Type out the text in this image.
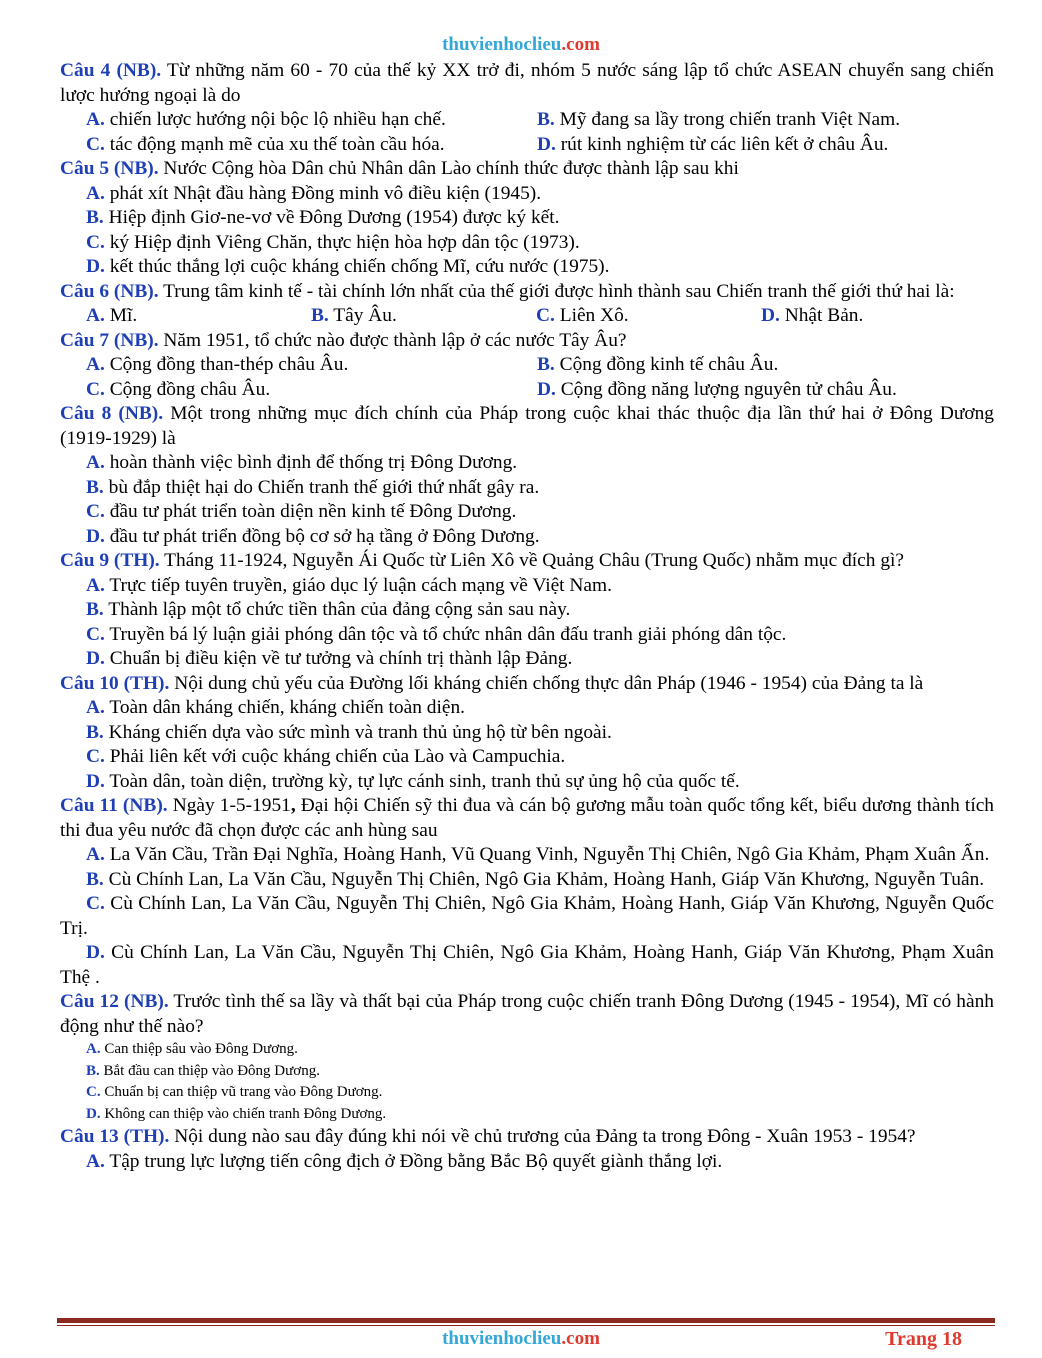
thuvienhoclieu.com
Câu 4 (NB). Từ những năm 60 - 70 của thế kỷ XX trở đi, nhóm 5 nước sáng lập tổ chức ASEAN chuyển sang chiến lược hướng ngoại là do
A. chiến lược hướng nội bộc lộ nhiều hạn chế.	B. Mỹ đang sa lầy trong chiến tranh Việt Nam.
C. tác động mạnh mẽ của xu thế toàn cầu hóa.	D. rút kinh nghiệm từ các liên kết ở châu Âu.
Câu 5 (NB). Nước Cộng hòa Dân chủ Nhân dân Lào chính thức được thành lập sau khi
A. phát xít Nhật đầu hàng Đồng minh vô điều kiện (1945).
B. Hiệp định Giơ-ne-vơ về Đông Dương (1954) được ký kết.
C. ký Hiệp định Viêng Chăn, thực hiện hòa hợp dân tộc (1973).
D. kết thúc thắng lợi cuộc kháng chiến chống Mĩ, cứu nước (1975).
Câu 6 (NB). Trung tâm kinh tế - tài chính lớn nhất của thế giới được hình thành sau Chiến tranh thế giới thứ hai là:
A. Mĩ.	B. Tây Âu.	C. Liên Xô.	D. Nhật Bản.
Câu 7 (NB). Năm 1951, tổ chức nào được thành lập ở các nước Tây Âu?
A. Cộng đồng than-thép châu Âu.	B. Cộng đồng kinh tế châu Âu.
C. Cộng đồng châu Âu.	D. Cộng đồng năng lượng nguyên tử châu Âu.
Câu 8 (NB). Một trong những mục đích chính của Pháp trong cuộc khai thác thuộc địa lần thứ hai ở Đông Dương (1919-1929) là
A. hoàn thành việc bình định để thống trị Đông Dương.
B. bù đắp thiệt hại do Chiến tranh thế giới thứ nhất gây ra.
C. đầu tư phát triển toàn diện nền kinh tế Đông Dương.
D. đầu tư phát triển đồng bộ cơ sở hạ tầng ở Đông Dương.
Câu 9 (TH). Tháng 11-1924, Nguyễn Ái Quốc từ Liên Xô về Quảng Châu (Trung Quốc) nhằm mục đích gì?
A. Trực tiếp tuyên truyền, giáo dục lý luận cách mạng về Việt Nam.
B. Thành lập một tổ chức tiền thân của đảng cộng sản sau này.
C. Truyền bá lý luận giải phóng dân tộc và tổ chức nhân dân đấu tranh giải phóng dân tộc.
D. Chuẩn bị điều kiện về tư tưởng và chính trị thành lập Đảng.
Câu 10 (TH). Nội dung chủ yếu của Đường lối kháng chiến chống thực dân Pháp (1946 - 1954) của Đảng ta là
A. Toàn dân kháng chiến, kháng chiến toàn diện.
B. Kháng chiến dựa vào sức mình và tranh thủ ủng hộ từ bên ngoài.
C. Phải liên kết với cuộc kháng chiến của Lào và Campuchia.
D. Toàn dân, toàn diện, trường kỳ, tự lực cánh sinh, tranh thủ sự ủng hộ của quốc tế.
Câu 11 (NB). Ngày 1-5-1951, Đại hội Chiến sỹ thi đua và cán bộ gương mẫu toàn quốc tổng kết, biểu dương thành tích thi đua yêu nước đã chọn được các anh hùng sau
A. La Văn Cầu, Trần Đại Nghĩa, Hoàng Hanh, Vũ Quang Vinh, Nguyễn Thị Chiên, Ngô Gia Khảm, Phạm Xuân Ẩn.
B. Cù Chính Lan, La Văn Cầu, Nguyễn Thị Chiên, Ngô Gia Khảm, Hoàng Hanh, Giáp Văn Khương, Nguyễn Tuân.
C. Cù Chính Lan, La Văn Cầu, Nguyễn Thị Chiên, Ngô Gia Khảm, Hoàng Hanh, Giáp Văn Khương, Nguyễn Quốc Trị.
D. Cù Chính Lan, La Văn Cầu, Nguyễn Thị Chiên, Ngô Gia Khảm, Hoàng Hanh, Giáp Văn Khương, Phạm Xuân Thệ .
Câu 12 (NB). Trước tình thế sa lầy và thất bại của Pháp trong cuộc chiến tranh Đông Dương (1945 - 1954), Mĩ có hành động như thế nào?
A. Can thiệp sâu vào Đông Dương.
B. Bắt đầu can thiệp vào Đông Dương.
C. Chuẩn bị can thiệp vũ trang vào Đông Dương.
D. Không can thiệp vào chiến tranh Đông Dương.
Câu 13 (TH). Nội dung nào sau đây đúng khi nói về chủ trương của Đảng ta trong Đông - Xuân 1953 - 1954?
A. Tập trung lực lượng tiến công địch ở Đồng bằng Bắc Bộ quyết giành thắng lợi.
thuvienhoclieu.com	Trang 18
